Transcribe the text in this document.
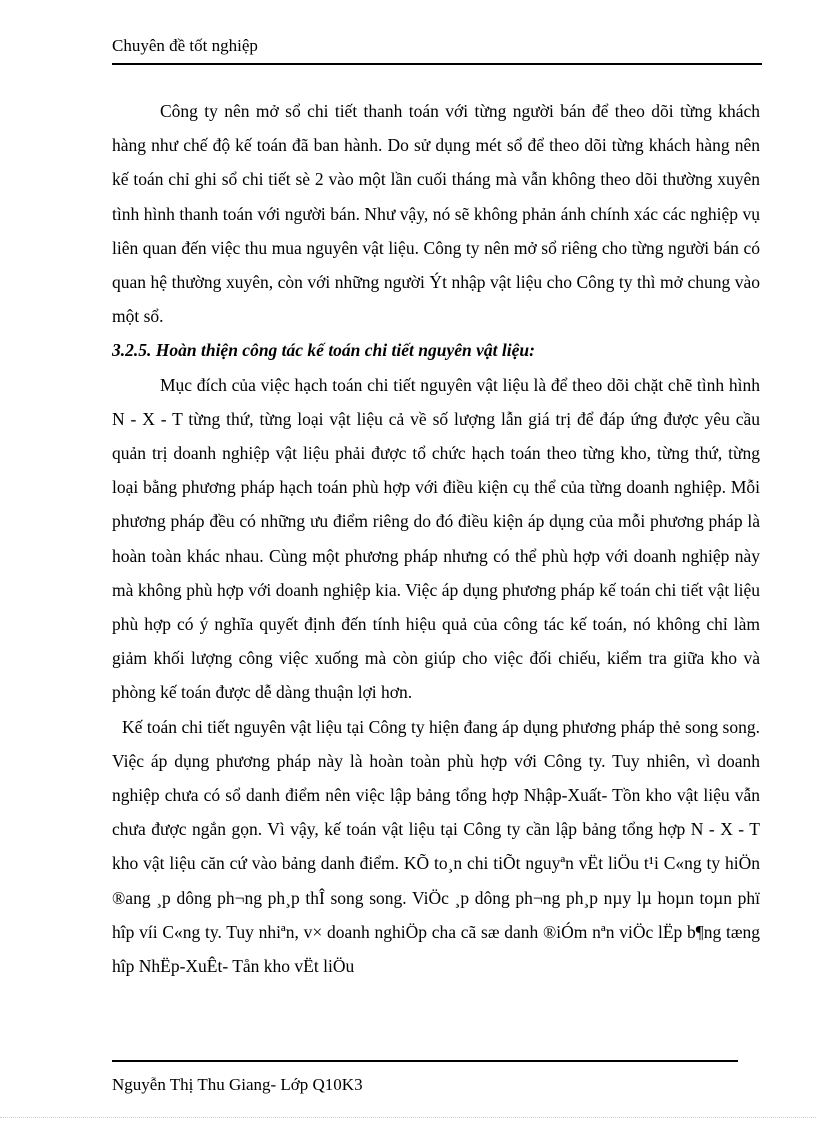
Chuyên đề tốt nghiệp

Công ty nên mở sổ chi tiết thanh toán với từng người bán để theo dõi từng khách hàng như chế độ kế toán đã ban hành. Do sử dụng mét sổ để theo dõi từng khách hàng nên kế toán chỉ ghi sổ chi tiết sè 2 vào một lần cuối tháng mà vẫn không theo dõi thường xuyên tình hình thanh toán với người bán. Như vậy, nó sẽ không phản ánh chính xác các nghiệp vụ liên quan đến việc thu mua nguyên vật liệu. Công ty nên mở sổ riêng cho từng người bán có quan hệ thường xuyên, còn với những người Ýt nhập vật liệu cho Công ty thì mở chung vào một sổ.

3.2.5. Hoàn thiện công tác kế toán chi tiết nguyên vật liệu:

Mục đích của việc hạch toán chi tiết nguyên vật liệu là để theo dõi chặt chẽ tình hình N - X - T từng thứ, từng loại vật liệu cả về số lượng lẫn giá trị để đáp ứng được yêu cầu quản trị doanh nghiệp vật liệu phải được tổ chức hạch toán theo từng kho, từng thứ, từng loại bằng phương pháp hạch toán phù hợp với điều kiện cụ thể của từng doanh nghiệp. Mỗi phương pháp đều có những ưu điểm riêng do đó điều kiện áp dụng của mỗi phương pháp là hoàn toàn khác nhau. Cùng một phương pháp nhưng có thể phù hợp với doanh nghiệp này mà không phù hợp với doanh nghiệp kia. Việc áp dụng phương pháp kế toán chi tiết vật liệu phù hợp có ý nghĩa quyết định đến tính hiệu quả của công tác kế toán, nó không chỉ làm giảm khối lượng công việc xuống mà còn giúp cho việc đối chiếu, kiểm tra giữa kho và phòng kế toán được dễ dàng thuận lợi hơn.

Kế toán chi tiết nguyên vật liệu tại Công ty hiện đang áp dụng phương pháp thẻ song song. Việc áp dụng phương pháp này là hoàn toàn phù hợp với Công ty. Tuy nhiên, vì doanh nghiệp chưa có sổ danh điểm nên việc lập bảng tổng hợp Nhập-Xuất- Tồn kho vật liệu vẫn chưa được ngắn gọn. Vì vậy, kế toán vật liệu tại Công ty cần lập bảng tổng hợp N - X - T kho vật liệu căn cứ vào bảng danh điểm. KÕ to¸n chi tiÕt nguyªn vËt liÖu t¹i C«ng ty hiÖn ®ang ¸p dông ph¬ng ph¸p thÎ song song. ViÖc ¸p dông ph¬ng ph¸p nµy lµ hoµn toµn phï hîp víi C«ng ty. Tuy nhiªn, v× doanh nghiÖp cha cã sæ danh ®iÓm nªn viÖc lËp b¶ng tæng hîp NhËp-XuÊt- Tån kho vËt liÖu

Nguyễn Thị Thu Giang- Lớp Q10K3
